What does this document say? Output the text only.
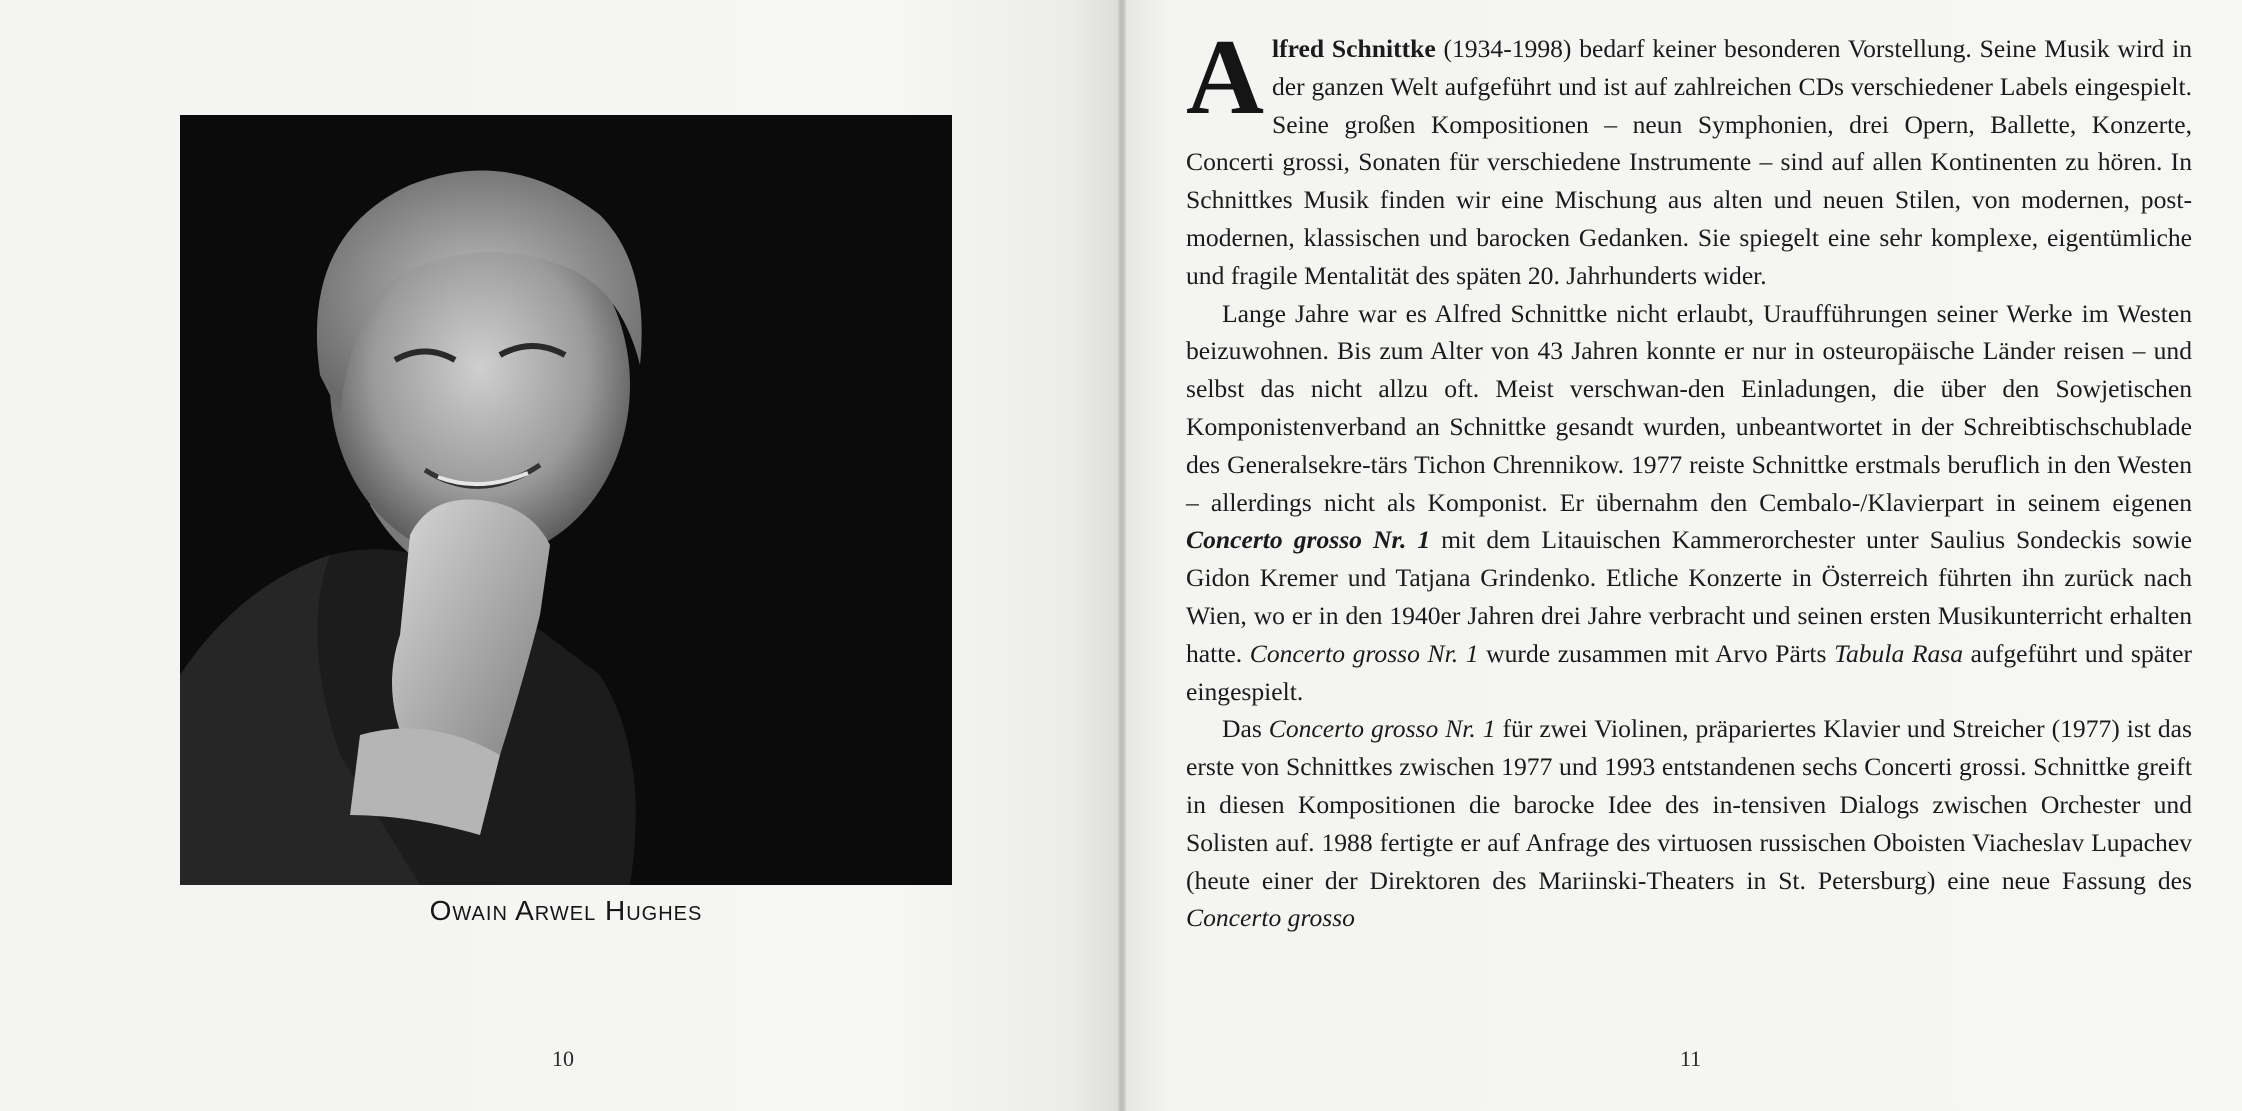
Owain Arwel Hughes
10

Alfred Schnittke (1934-1998) bedarf keiner besonderen Vorstellung. Seine Musik wird in der ganzen Welt aufgeführt und ist auf zahlreichen CDs verschiedener Labels eingespielt. Seine großen Kompositionen – neun Symphonien, drei Opern, Ballette, Konzerte, Concerti grossi, Sonaten für verschiedene Instrumente – sind auf allen Kontinenten zu hören. In Schnittkes Musik finden wir eine Mischung aus alten und neuen Stilen, von modernen, post-modernen, klassischen und barocken Gedanken. Sie spiegelt eine sehr komplexe, eigentümliche und fragile Mentalität des späten 20. Jahrhunderts wider.

Lange Jahre war es Alfred Schnittke nicht erlaubt, Uraufführungen seiner Werke im Westen beizuwohnen. Bis zum Alter von 43 Jahren konnte er nur in osteuropäische Länder reisen – und selbst das nicht allzu oft. Meist verschwan-den Einladungen, die über den Sowjetischen Komponistenverband an Schnittke gesandt wurden, unbeantwortet in der Schreibtischschublade des Generalsekre-tärs Tichon Chrennikow. 1977 reiste Schnittke erstmals beruflich in den Westen – allerdings nicht als Komponist. Er übernahm den Cembalo-/Klavierpart in seinem eigenen Concerto grosso Nr. 1 mit dem Litauischen Kammerorchester unter Saulius Sondeckis sowie Gidon Kremer und Tatjana Grindenko. Etliche Konzerte in Österreich führten ihn zurück nach Wien, wo er in den 1940er Jahren drei Jahre verbracht und seinen ersten Musikunterricht erhalten hatte. Concerto grosso Nr. 1 wurde zusammen mit Arvo Pärts Tabula Rasa aufgeführt und später eingespielt.

Das Concerto grosso Nr. 1 für zwei Violinen, präpariertes Klavier und Streicher (1977) ist das erste von Schnittkes zwischen 1977 und 1993 entstandenen sechs Concerti grossi. Schnittke greift in diesen Kompositionen die barocke Idee des in-tensiven Dialogs zwischen Orchester und Solisten auf. 1988 fertigte er auf Anfrage des virtuosen russischen Oboisten Viacheslav Lupachev (heute einer der Direktoren des Mariinski-Theaters in St. Petersburg) eine neue Fassung des Concerto grosso

11
